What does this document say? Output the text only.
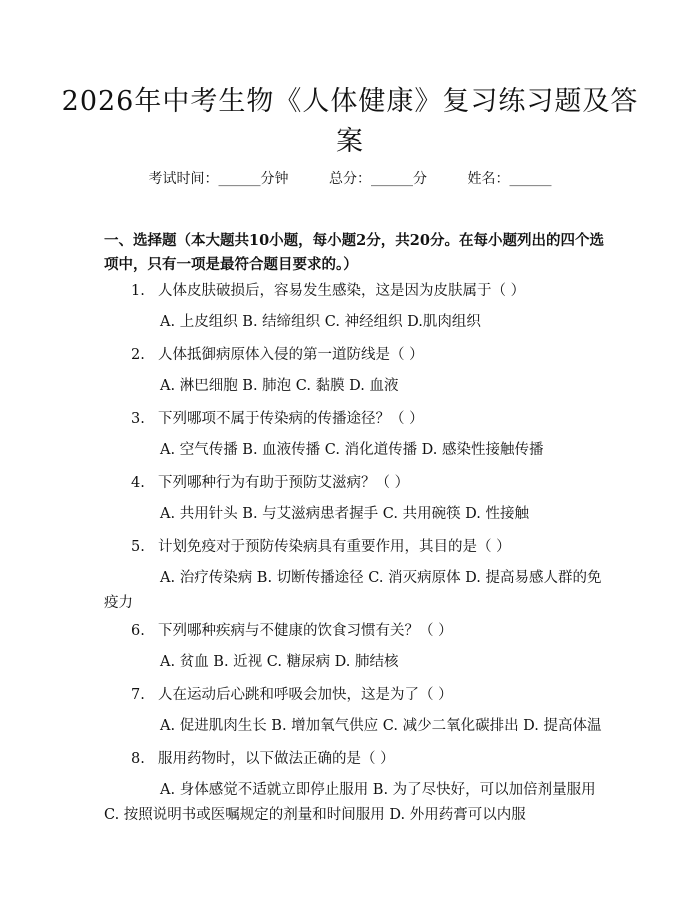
2026年中考生物《人体健康》复习练习题及答案
考试时间：______分钟	总分：______分	姓名：______
一、选择题（本大题共10小题，每小题2分，共20分。在每小题列出的四个选项中，只有一项是最符合题目要求的。）
1. 人体皮肤破损后，容易发生感染，这是因为皮肤属于（ ）
A. 上皮组织 B. 结缔组织 C. 神经组织 D.肌肉组织
2. 人体抵御病原体入侵的第一道防线是（ ）
A. 淋巴细胞 B. 肺泡 C. 黏膜 D. 血液
3. 下列哪项不属于传染病的传播途径？（ ）
A. 空气传播 B. 血液传播 C. 消化道传播 D. 感染性接触传播
4. 下列哪种行为有助于预防艾滋病？（ ）
A. 共用针头 B. 与艾滋病患者握手 C. 共用碗筷 D. 性接触
5. 计划免疫对于预防传染病具有重要作用，其目的是（ ）
A. 治疗传染病 B. 切断传播途径 C. 消灭病原体 D. 提高易感人群的免疫力
6. 下列哪种疾病与不健康的饮食习惯有关？（ ）
A. 贫血 B. 近视 C. 糖尿病 D. 肺结核
7. 人在运动后心跳和呼吸会加快，这是为了（ ）
A. 促进肌肉生长 B. 增加氧气供应 C. 减少二氧化碳排出 D. 提高体温
8. 服用药物时，以下做法正确的是（ ）
A. 身体感觉不适就立即停止服用 B. 为了尽快好，可以加倍剂量服用 C. 按照说明书或医嘱规定的剂量和时间服用 D. 外用药膏可以内服
